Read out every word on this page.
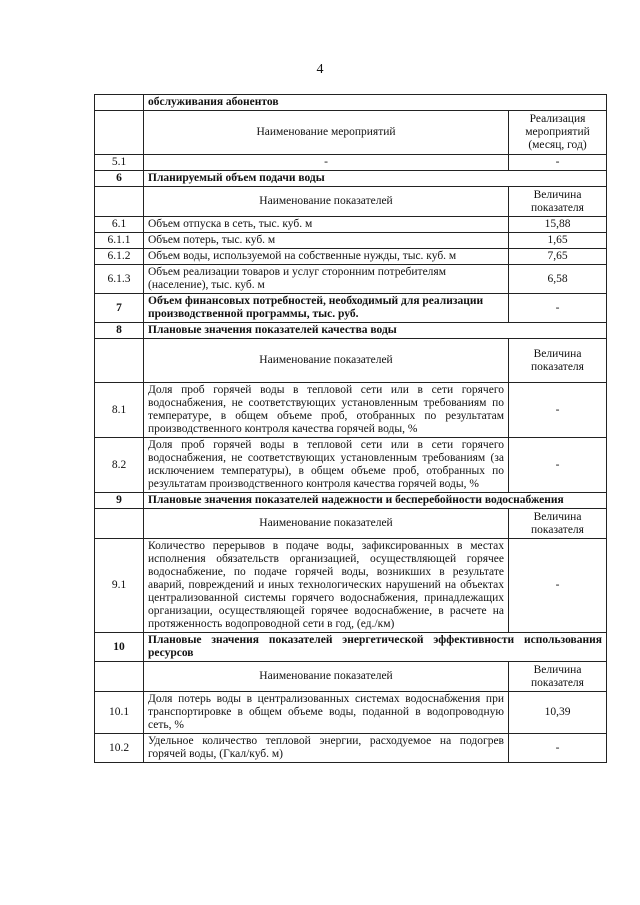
4
	обслуживания абонентов	
	Наименование мероприятий	Реализация мероприятий (месяц, год)
5.1	-	-
6	Планируемый объем подачи воды	
	Наименование показателей	Величина показателя
6.1	Объем отпуска в сеть, тыс. куб. м	15,88
6.1.1	Объем потерь, тыс. куб. м	1,65
6.1.2	Объем воды, используемой на собственные нужды, тыс. куб. м	7,65
6.1.3	Объем реализации товаров и услуг сторонним потребителям (население), тыс. куб. м	6,58
7	Объем финансовых потребностей, необходимый для реализации производственной программы, тыс. руб.	-
8	Плановые значения показателей качества воды	
	Наименование показателей	Величина показателя
8.1	Доля проб горячей воды в тепловой сети или в сети горячего водоснабжения, не соответствующих установленным требованиям по температуре, в общем объеме проб, отобранных по результатам производственного контроля качества горячей воды, %	-
8.2	Доля проб горячей воды в тепловой сети или в сети горячего водоснабжения, не соответствующих установленным требованиям (за исключением температуры), в общем объеме проб, отобранных по результатам производственного контроля качества горячей воды, %	-
9	Плановые значения показателей надежности и бесперебойности водоснабжения	
	Наименование показателей	Величина показателя
9.1	Количество перерывов в подаче воды, зафиксированных в местах исполнения обязательств организацией, осуществляющей горячее водоснабжение, по подаче горячей воды, возникших в результате аварий, повреждений и иных технологических нарушений на объектах централизованной системы горячего водоснабжения, принадлежащих организации, осуществляющей горячее водоснабжение, в расчете на протяженность водопроводной сети в год, (ед./км)	-
10	Плановые значения показателей энергетической эффективности использования ресурсов	
	Наименование показателей	Величина показателя
10.1	Доля потерь воды в централизованных системах водоснабжения при транспортировке в общем объеме воды, поданной в водопроводную сеть, %	10,39
10.2	Удельное количество тепловой энергии, расходуемое на подогрев горячей воды, (Гкал/куб. м)	-
